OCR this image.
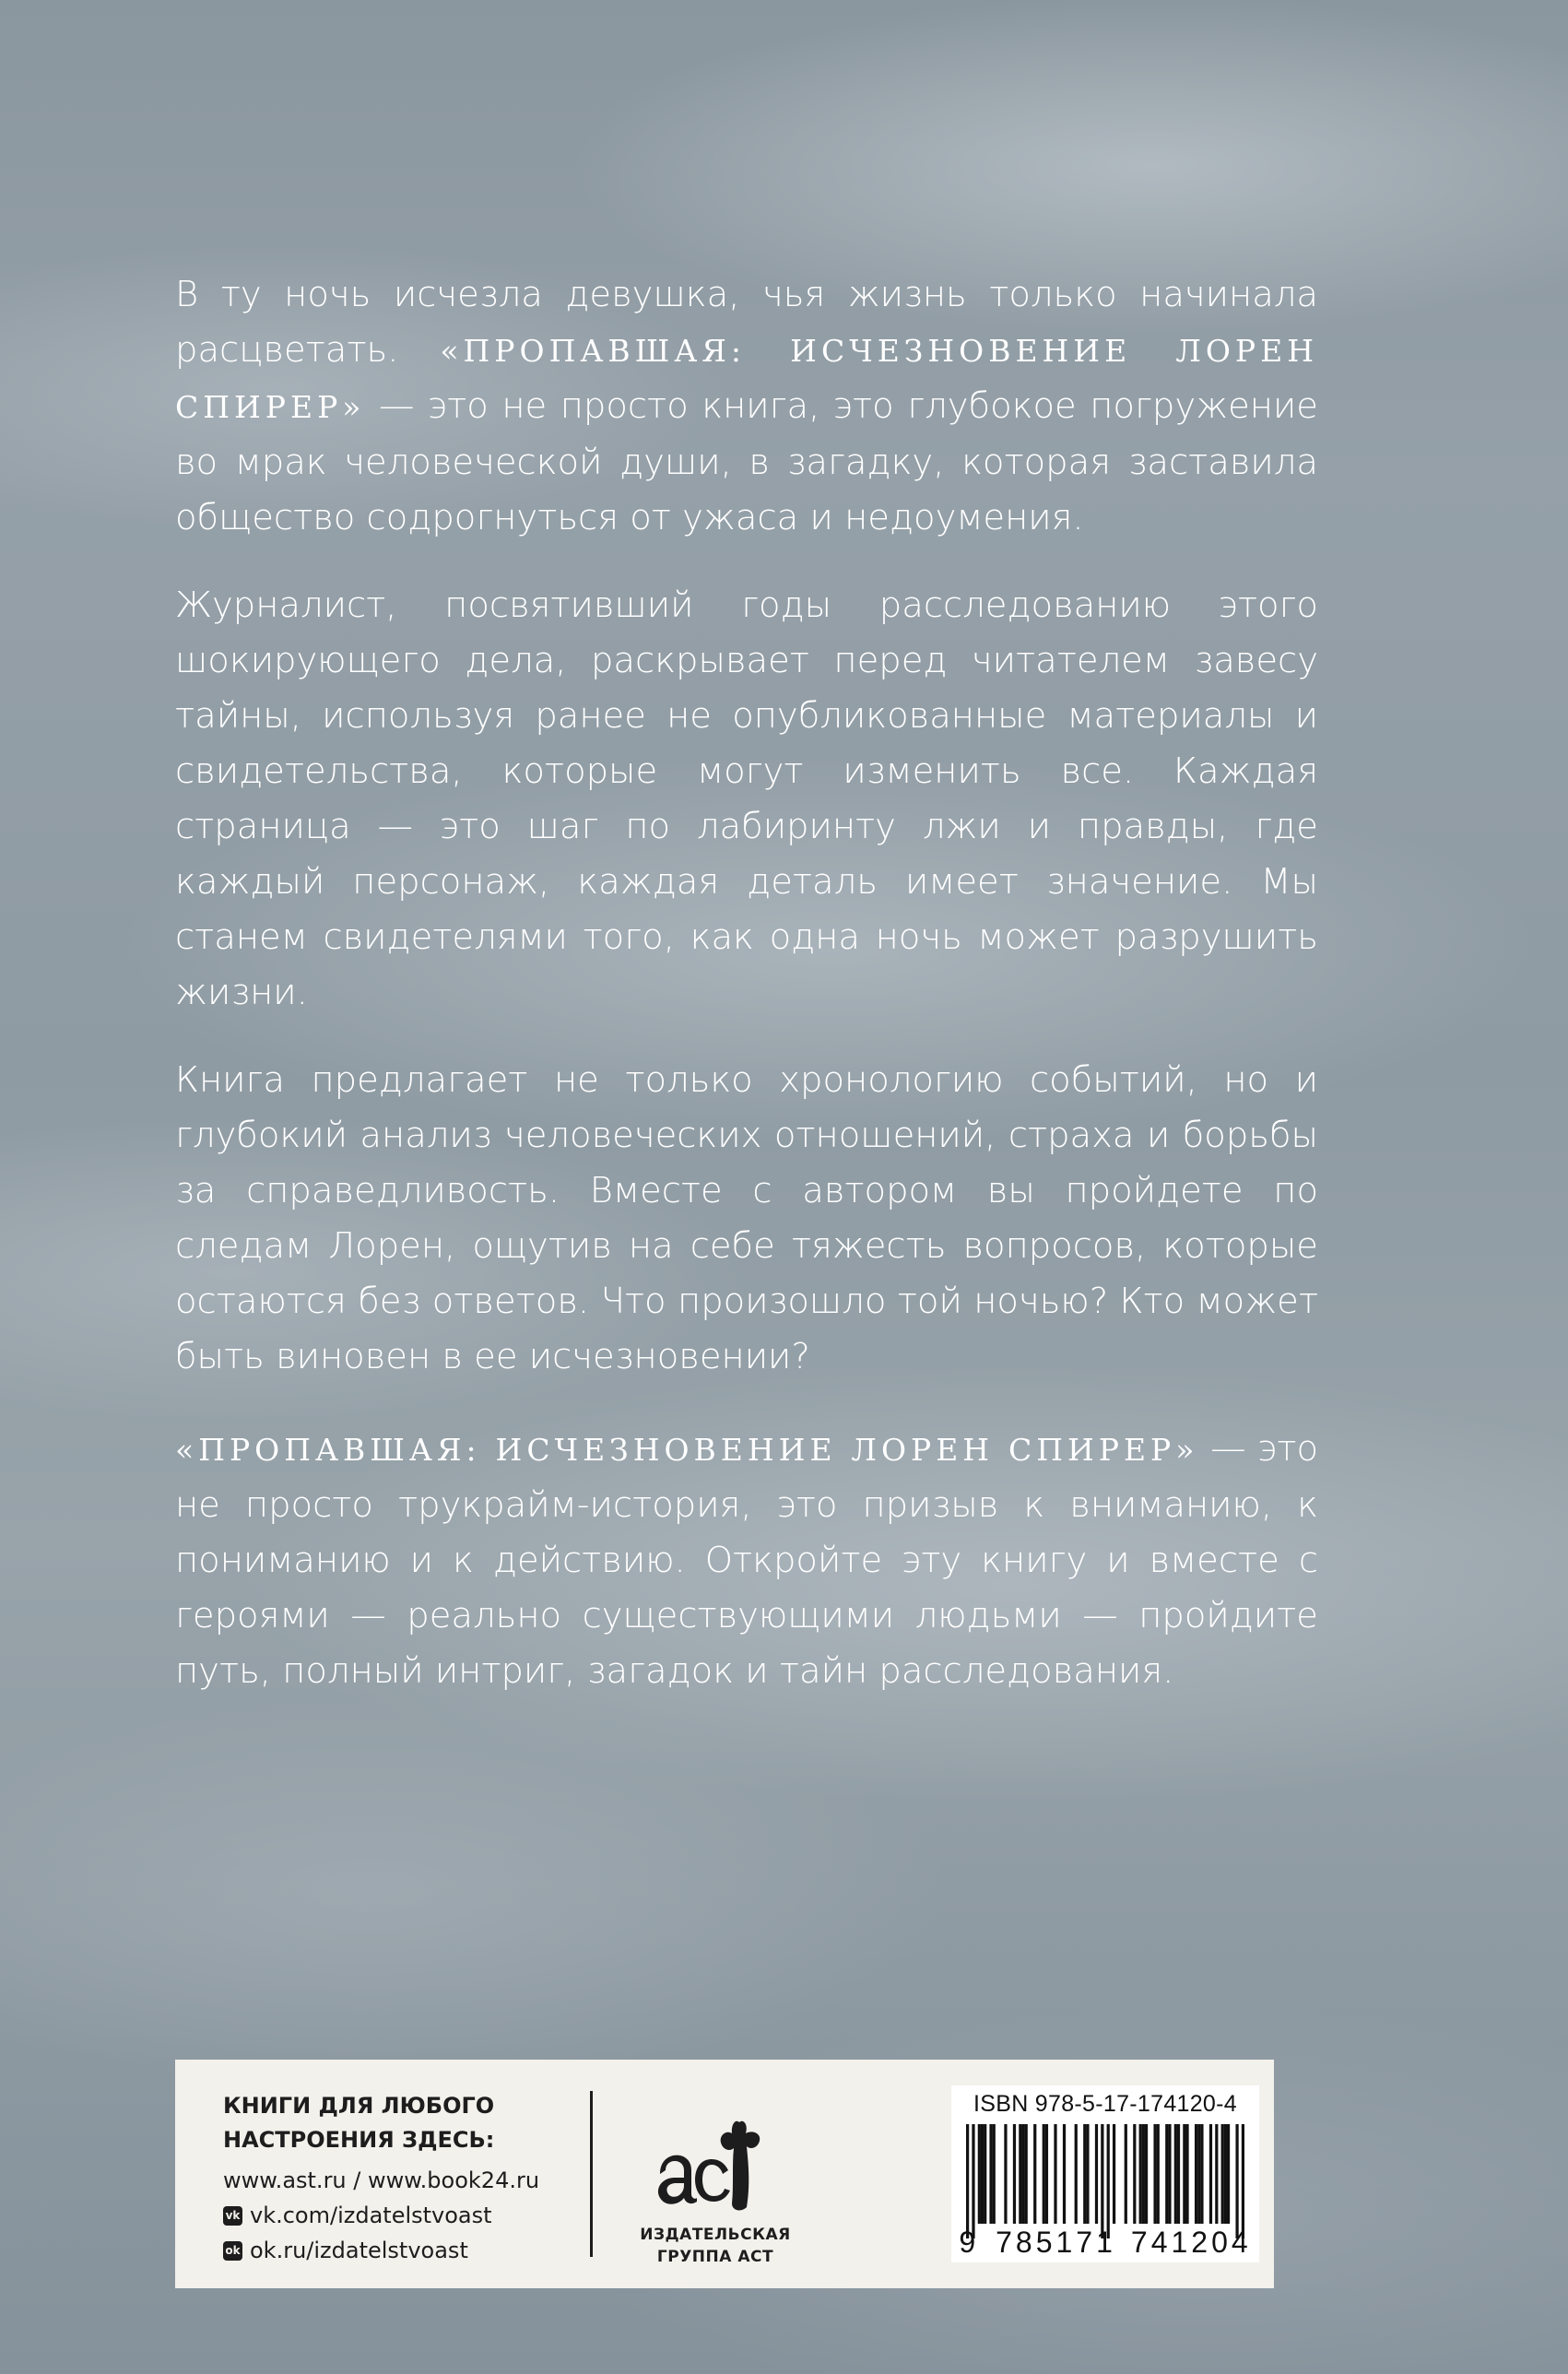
В ту ночь исчезла девушка, чья жизнь только начинала расцветать. «ПРОПАВШАЯ: ИСЧЕЗНОВЕНИЕ ЛОРЕН СПИРЕР» — это не просто книга, это глубокое погружение во мрак человеческой души, в загадку, которая заставила общество содрогнуться от ужаса и недоумения.
Журналист, посвятивший годы расследованию этого шокирующего дела, раскрывает перед читателем завесу тайны, используя ранее не опубликованные материалы и свидетельства, которые могут изменить все. Каждая страница — это шаг по лабиринту лжи и правды, где каждый персонаж, каждая деталь имеет значение. Мы станем свидетелями того, как одна ночь может разрушить жизни.
Книга предлагает не только хронологию событий, но и глубокий анализ человеческих отношений, страха и борьбы за справедливость. Вместе с автором вы пройдете по следам Лорен, ощутив на себе тяжесть вопросов, которые остаются без ответов. Что произошло той ночью? Кто может быть виновен в ее исчезновении?
«ПРОПАВШАЯ: ИСЧЕЗНОВЕНИЕ ЛОРЕН СПИРЕР» — это не просто трукрайм-история, это призыв к вниманию, к пониманию и к действию. Откройте эту книгу и вместе с героями — реально существующими людьми — пройдите путь, полный интриг, загадок и тайн расследования.
КНИГИ ДЛЯ ЛЮБОГО
НАСТРОЕНИЯ ЗДЕСЬ:
www.ast.ru / www.book24.ru
vk vk.com/izdatelstvoast
ok ok.ru/izdatelstvoast
ИЗДАТЕЛЬСКАЯ
ГРУППА АСТ
ISBN 978-5-17-174120-4
9 785171 741204
